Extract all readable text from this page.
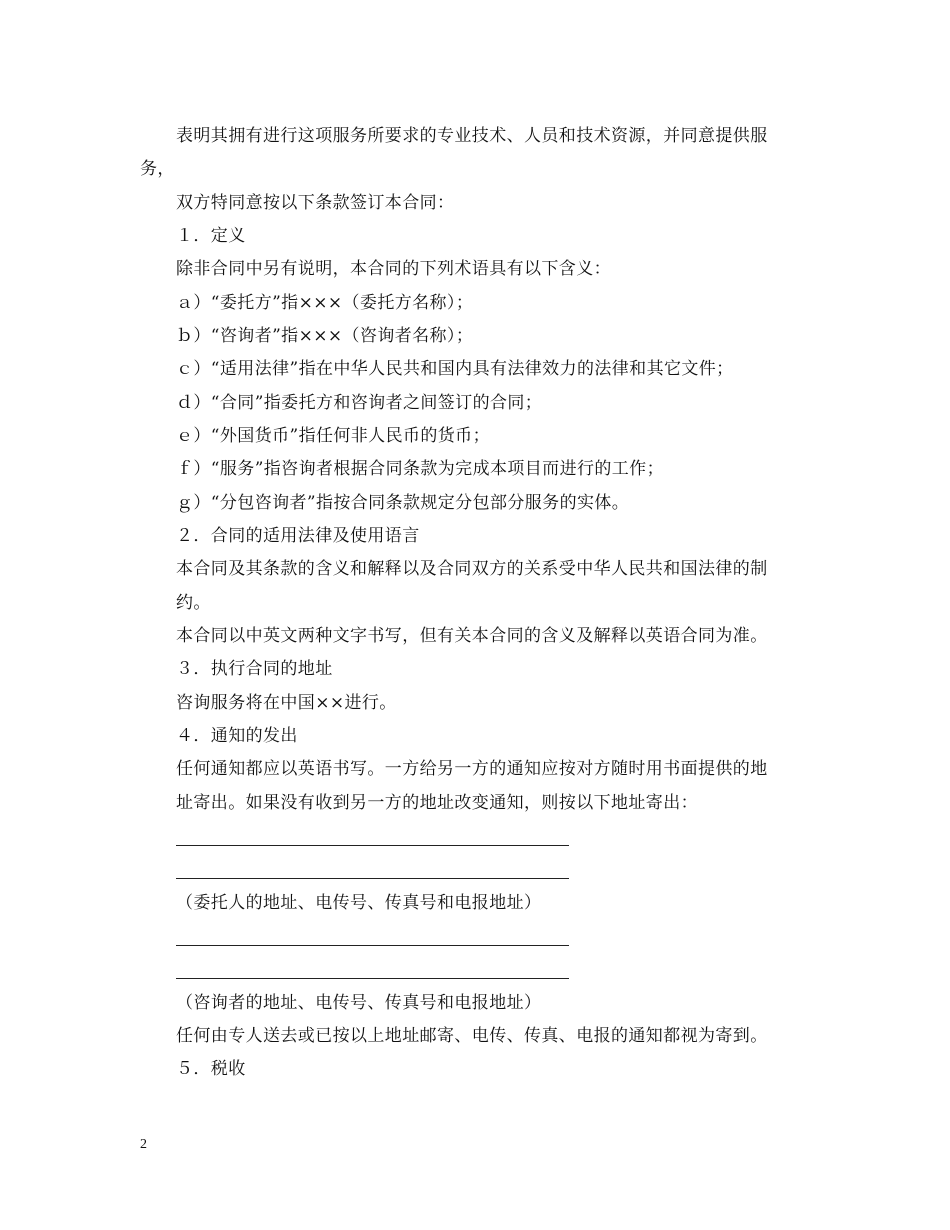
表明其拥有进行这项服务所要求的专业技术、人员和技术资源，并同意提供服
务，
双方特同意按以下条款签订本合同：
１．定义
除非合同中另有说明，本合同的下列术语具有以下含义：
ａ）“委托方”指×××（委托方名称）；
ｂ）“咨询者”指×××（咨询者名称）；
ｃ）“适用法律”指在中华人民共和国内具有法律效力的法律和其它文件；
ｄ）“合同”指委托方和咨询者之间签订的合同；
ｅ）“外国货币”指任何非人民币的货币；
ｆ）“服务”指咨询者根据合同条款为完成本项目而进行的工作；
ｇ）“分包咨询者”指按合同条款规定分包部分服务的实体。
２．合同的适用法律及使用语言
本合同及其条款的含义和解释以及合同双方的关系受中华人民共和国法律的制
约。
本合同以中英文两种文字书写，但有关本合同的含义及解释以英语合同为准。
３．执行合同的地址
咨询服务将在中国××进行。
４．通知的发出
任何通知都应以英语书写。一方给另一方的通知应按对方随时用书面提供的地
址寄出。如果没有收到另一方的地址改变通知，则按以下地址寄出：
（委托人的地址、电传号、传真号和电报地址）
（咨询者的地址、电传号、传真号和电报地址）
任何由专人送去或已按以上地址邮寄、电传、传真、电报的通知都视为寄到。
５．税收
2
